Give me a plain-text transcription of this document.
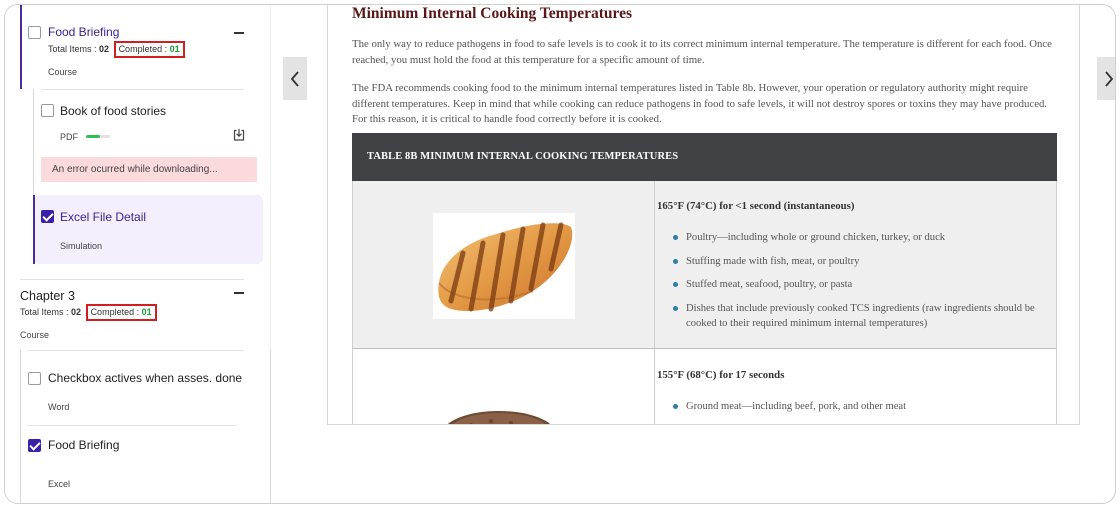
Food Briefing
Total Items : 02 Completed : 01
Course
Book of food stories
PDF
An error ocurred while downloading...
Excel File Detail
Simulation
Chapter 3
Total Items : 02 Completed : 01
Course
Checkbox actives when asses. done
Word
Food Briefing
Excel
Minimum Internal Cooking Temperatures

The only way to reduce pathogens in food to safe levels is to cook it to its correct minimum internal temperature. The temperature is different for each food. Once reached, you must hold the food at this temperature for a specific amount of time.

The FDA recommends cooking food to the minimum internal temperatures listed in Table 8b. However, your operation or regulatory authority might require different temperatures. Keep in mind that while cooking can reduce pathogens in food to safe levels, it will not destroy spores or toxins they may have produced. For this reason, it is critical to handle food correctly before it is cooked.

TABLE 8B MINIMUM INTERNAL COOKING TEMPERATURES
165°F (74°C) for <1 second (instantaneous)
Poultry—including whole or ground chicken, turkey, or duck
Stuffing made with fish, meat, or poultry
Stuffed meat, seafood, poultry, or pasta
Dishes that include previously cooked TCS ingredients (raw ingredients should be cooked to their required minimum internal temperatures)
155°F (68°C) for 17 seconds
Ground meat—including beef, pork, and other meat
